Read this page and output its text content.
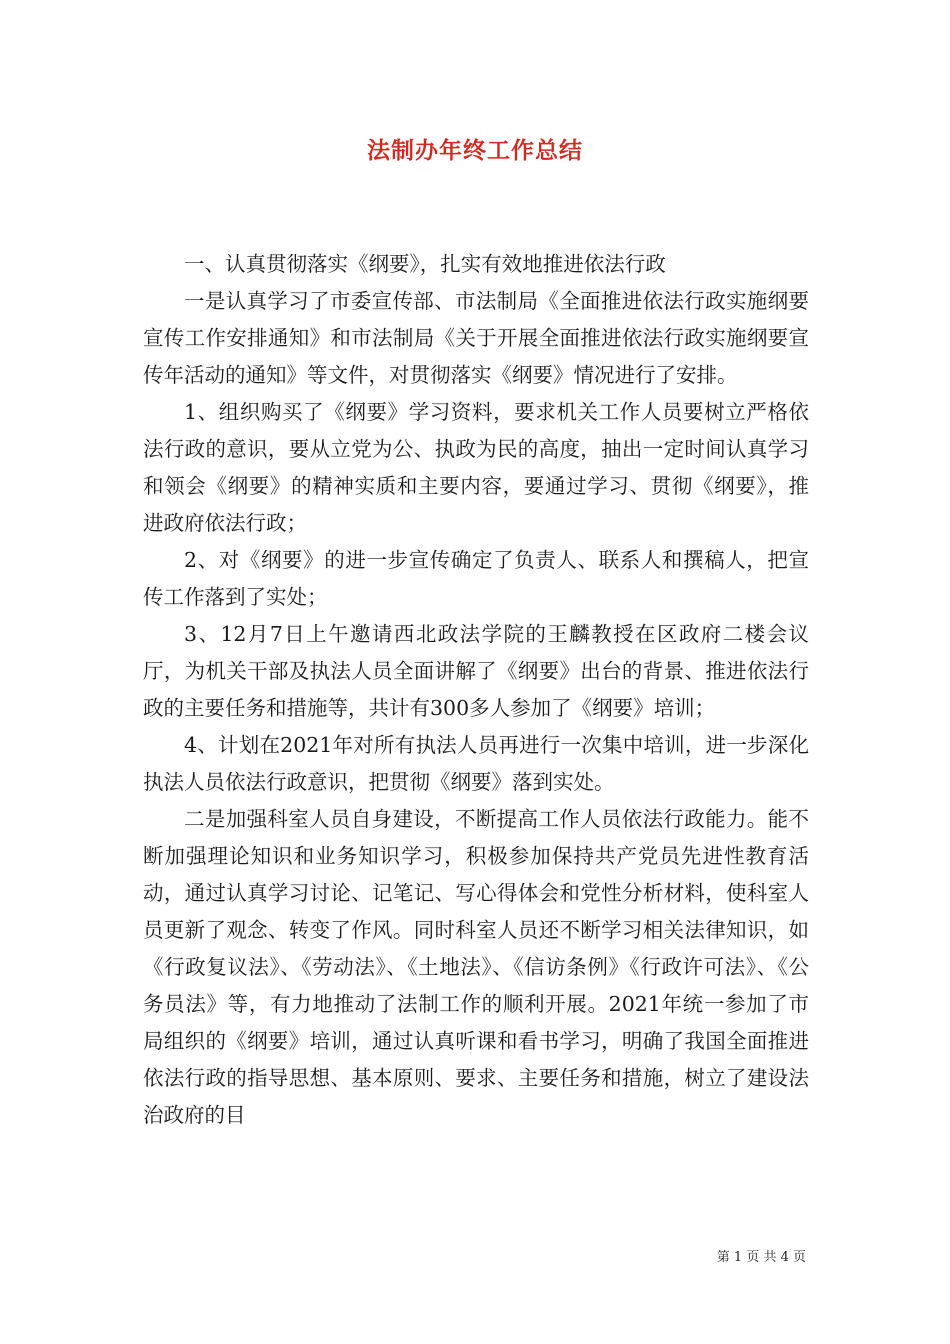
法制办年终工作总结

一、认真贯彻落实《纲要》，扎实有效地推进依法行政

一是认真学习了市委宣传部、市法制局《全面推进依法行政实施纲要宣传工作安排通知》和市法制局《关于开展全面推进依法行政实施纲要宣传年活动的通知》等文件，对贯彻落实《纲要》情况进行了安排。

1、组织购买了《纲要》学习资料，要求机关工作人员要树立严格依法行政的意识，要从立党为公、执政为民的高度，抽出一定时间认真学习和领会《纲要》的精神实质和主要内容，要通过学习、贯彻《纲要》，推进政府依法行政；

2、对《纲要》的进一步宣传确定了负责人、联系人和撰稿人，把宣传工作落到了实处；

3、12月7日上午邀请西北政法学院的王麟教授在区政府二楼会议厅，为机关干部及执法人员全面讲解了《纲要》出台的背景、推进依法行政的主要任务和措施等，共计有300多人参加了《纲要》培训；

4、计划在2021年对所有执法人员再进行一次集中培训，进一步深化执法人员依法行政意识，把贯彻《纲要》落到实处。

二是加强科室人员自身建设，不断提高工作人员依法行政能力。能不断加强理论知识和业务知识学习，积极参加保持共产党员先进性教育活动，通过认真学习讨论、记笔记、写心得体会和党性分析材料，使科室人员更新了观念、转变了作风。同时科室人员还不断学习相关法律知识，如《行政复议法》、《劳动法》、《土地法》、《信访条例》《行政许可法》、《公务员法》等，有力地推动了法制工作的顺利开展。2021年统一参加了市局组织的《纲要》培训，通过认真听课和看书学习，明确了我国全面推进依法行政的指导思想、基本原则、要求、主要任务和措施，树立了建设法治政府的目

第 1 页 共 4 页
